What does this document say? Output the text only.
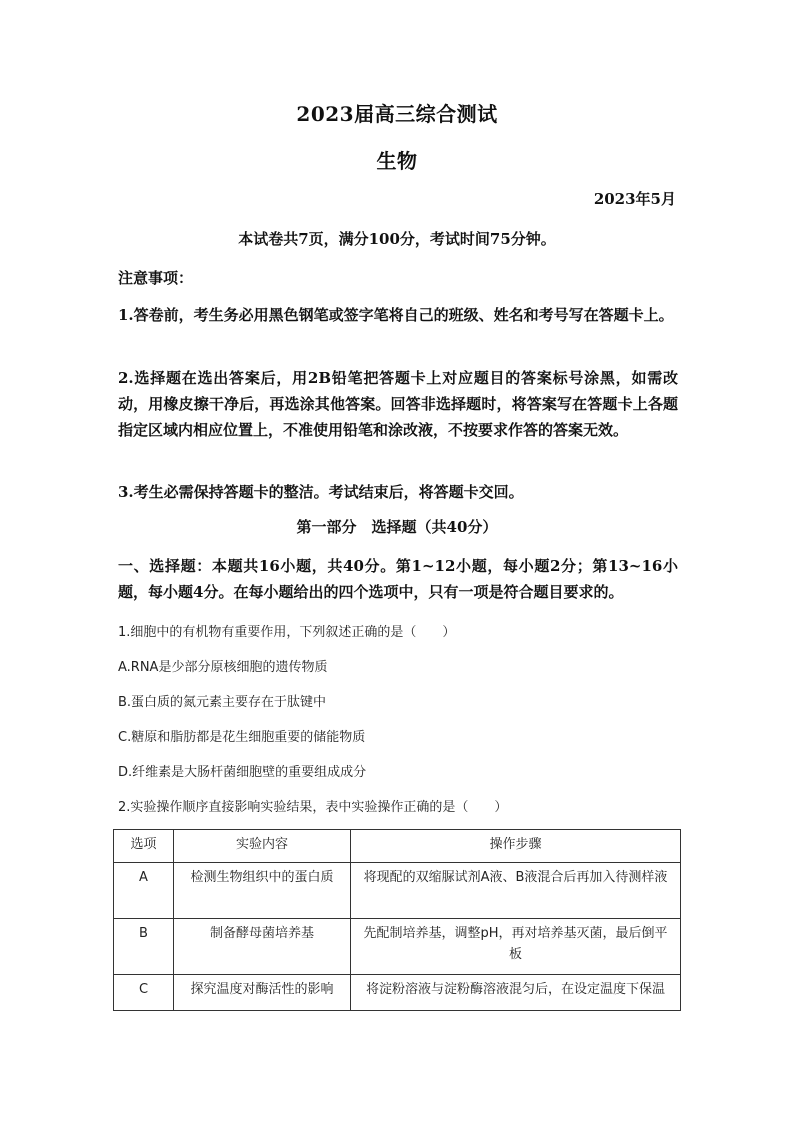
2023届高三综合测试
生物
2023年5月
本试卷共7页，满分100分，考试时间75分钟。
注意事项：
1.答卷前，考生务必用黑色钢笔或签字笔将自己的班级、姓名和考号写在答题卡上。
2.选择题在选出答案后，用2B铅笔把答题卡上对应题目的答案标号涂黑，如需改动，用橡皮擦干净后，再选涂其他答案。回答非选择题时，将答案写在答题卡上各题指定区域内相应位置上，不准使用铅笔和涂改液，不按要求作答的答案无效。
3.考生必需保持答题卡的整洁。考试结束后，将答题卡交回。
第一部分　选择题（共40分）
一、选择题：本题共16小题，共40分。第1~12小题，每小题2分；第13~16小题，每小题4分。在每小题给出的四个选项中，只有一项是符合题目要求的。
1.细胞中的有机物有重要作用，下列叙述正确的是（　　）
A.RNA是少部分原核细胞的遗传物质
B.蛋白质的氮元素主要存在于肽键中
C.糖原和脂肪都是花生细胞重要的储能物质
D.纤维素是大肠杆菌细胞壁的重要组成成分
2.实验操作顺序直接影响实验结果，表中实验操作正确的是（　　）
选项	实验内容	操作步骤
A	检测生物组织中的蛋白质	将现配的双缩脲试剂A液、B液混合后再加入待测样液
B	制备酵母菌培养基	先配制培养基，调整pH，再对培养基灭菌，最后倒平板
C	探究温度对酶活性的影响	将淀粉溶液与淀粉酶溶液混匀后，在设定温度下保温
